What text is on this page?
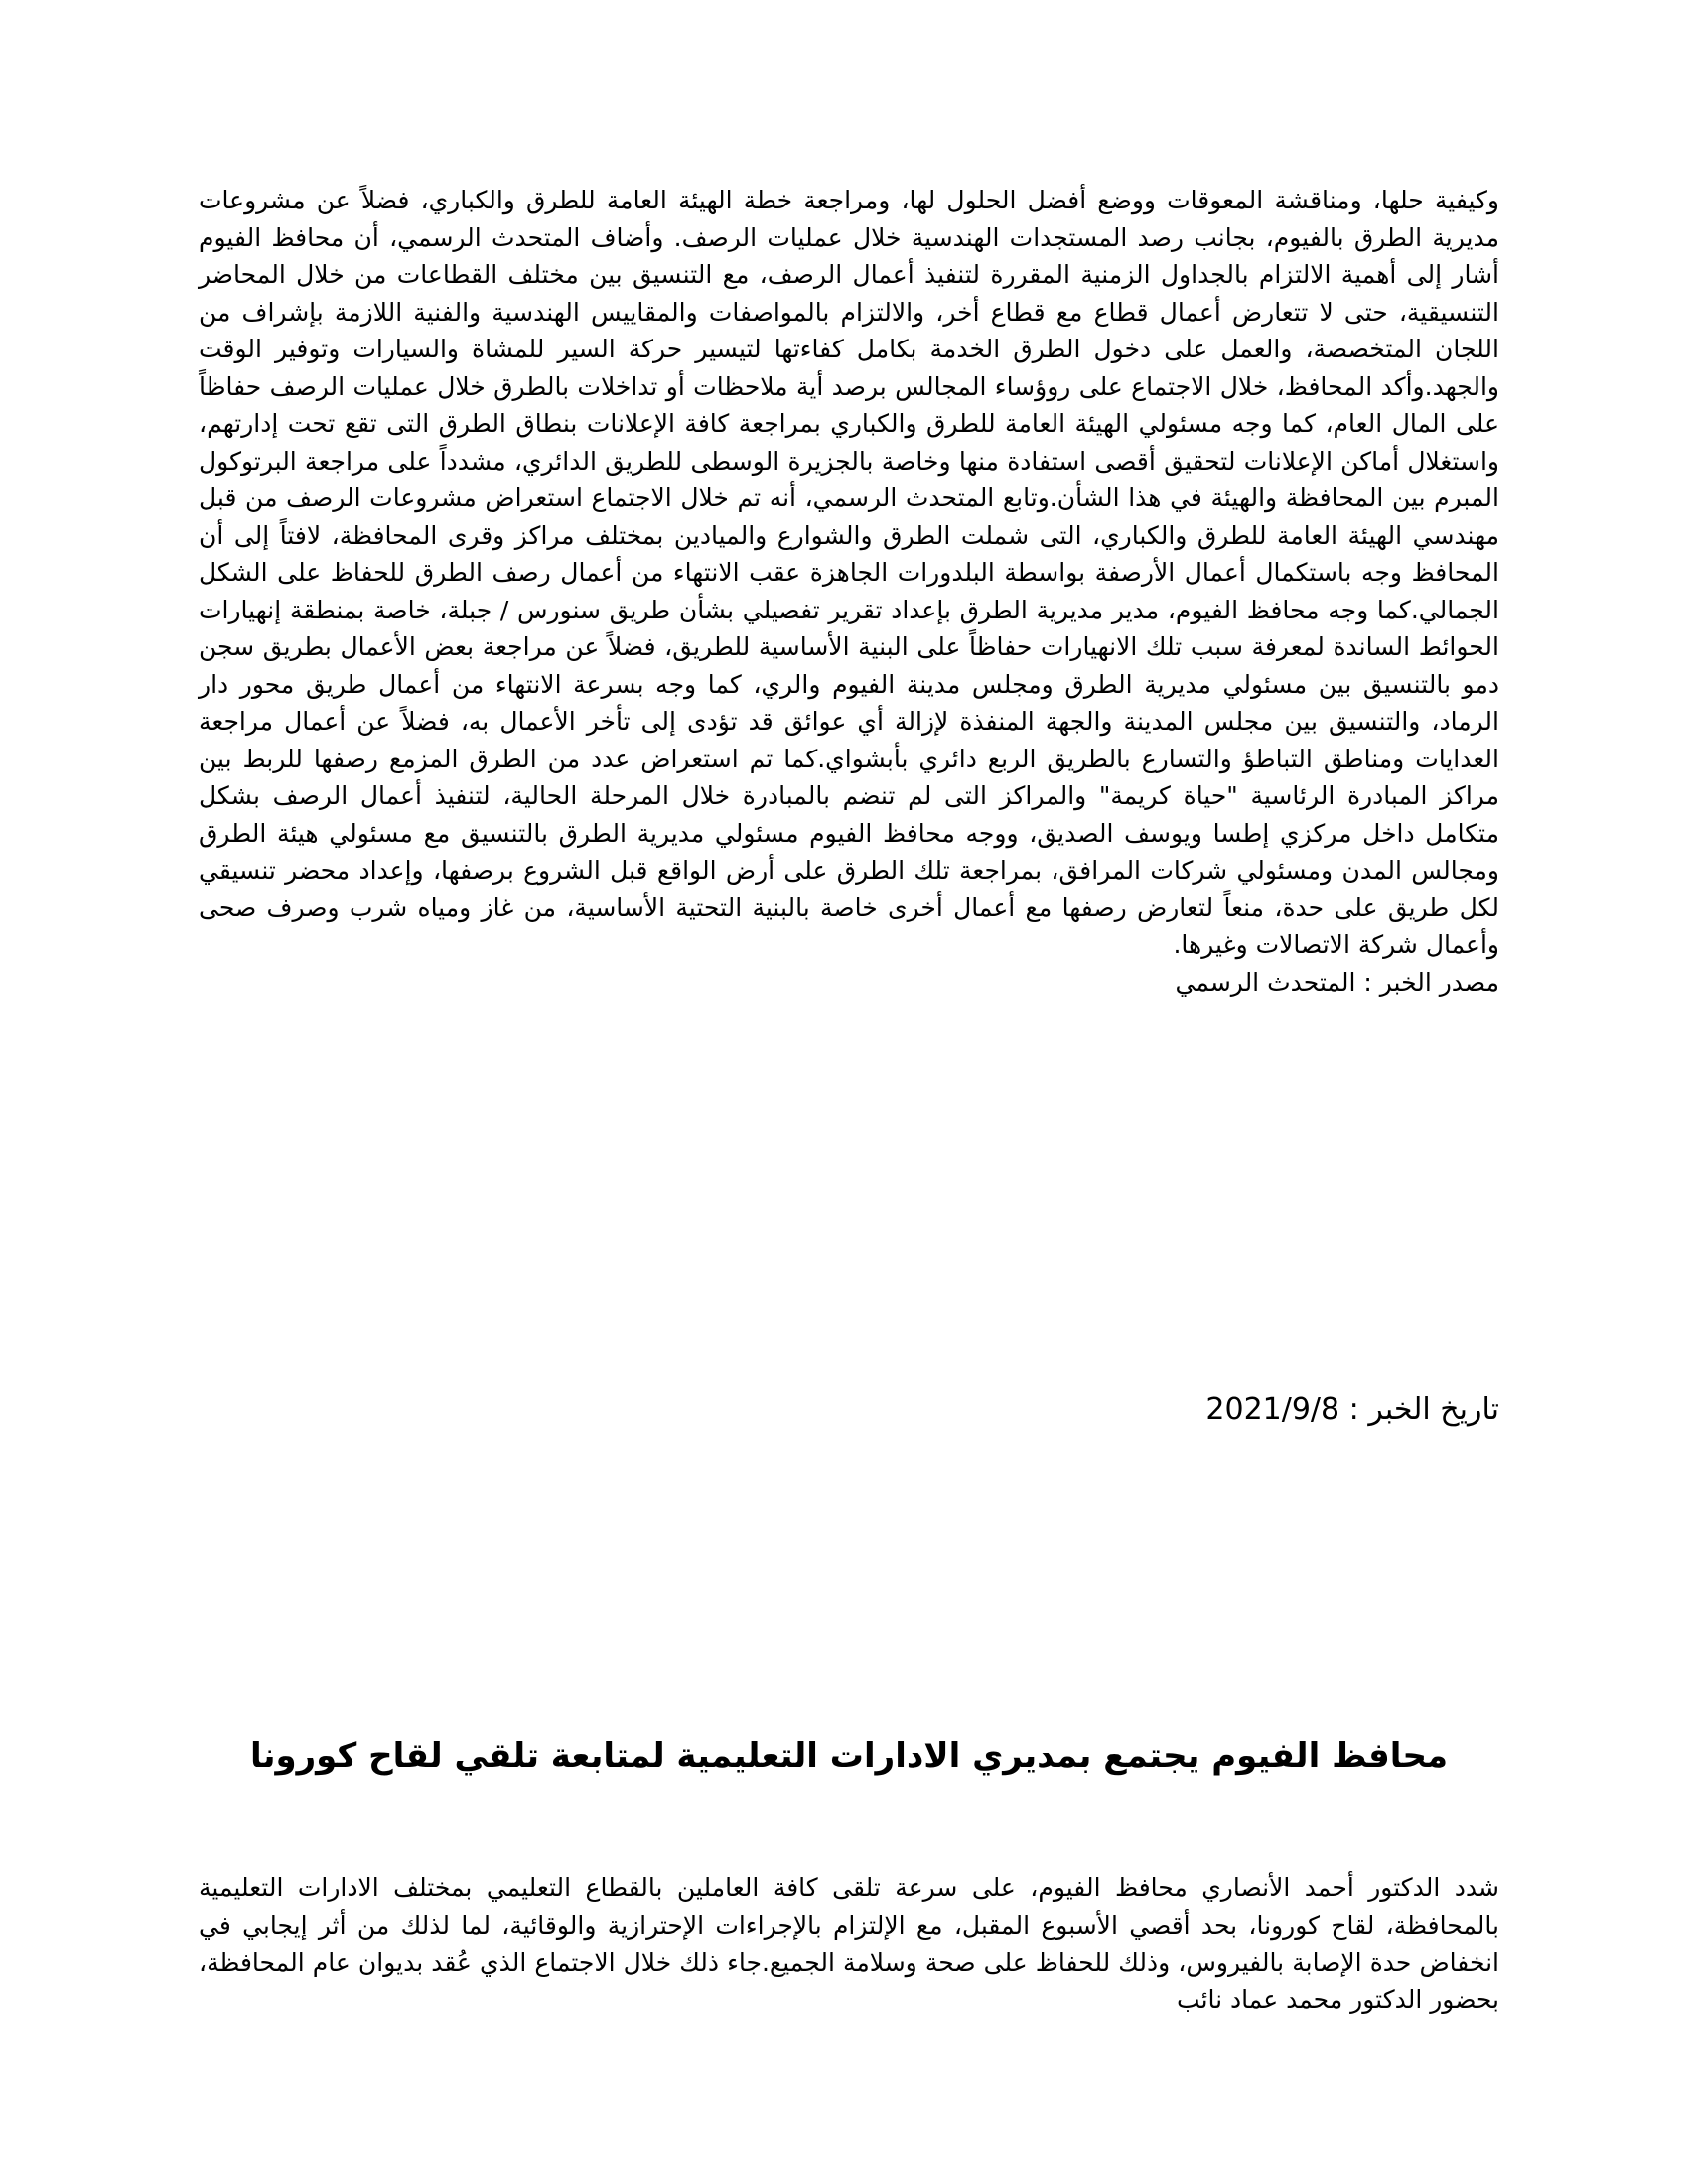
وكيفية حلها، ومناقشة المعوقات ووضع أفضل الحلول لها، ومراجعة خطة الهيئة العامة للطرق والكباري، فضلاً عن مشروعات مديرية الطرق بالفيوم، بجانب رصد المستجدات الهندسية خلال عمليات الرصف. وأضاف المتحدث الرسمي، أن محافظ الفيوم أشار إلى أهمية الالتزام بالجداول الزمنية المقررة لتنفيذ أعمال الرصف، مع التنسيق بين مختلف القطاعات من خلال المحاضر التنسيقية، حتى لا تتعارض أعمال قطاع مع قطاع أخر، والالتزام بالمواصفات والمقاييس الهندسية والفنية اللازمة بإشراف من اللجان المتخصصة، والعمل على دخول الطرق الخدمة بكامل كفاءتها لتيسير حركة السير للمشاة والسيارات وتوفير الوقت والجهد.وأكد المحافظ، خلال الاجتماع على روؤساء المجالس برصد أية ملاحظات أو تداخلات بالطرق خلال عمليات الرصف حفاظاً على المال العام، كما وجه مسئولي الهيئة العامة للطرق والكباري بمراجعة كافة الإعلانات بنطاق الطرق التى تقع تحت إدارتهم، واستغلال أماكن الإعلانات لتحقيق أقصى استفادة منها وخاصة بالجزيرة الوسطى للطريق الدائري، مشدداً على مراجعة البرتوكول المبرم بين المحافظة والهيئة في هذا الشأن.وتابع المتحدث الرسمي، أنه تم خلال الاجتماع استعراض مشروعات الرصف من قبل مهندسي الهيئة العامة للطرق والكباري، التى شملت الطرق والشوارع والميادين بمختلف مراكز وقرى المحافظة، لافتاً إلى أن المحافظ وجه باستكمال أعمال الأرصفة بواسطة البلدورات الجاهزة عقب الانتهاء من أعمال رصف الطرق للحفاظ على الشكل الجمالي.كما وجه محافظ الفيوم، مدير مديرية الطرق بإعداد تقرير تفصيلي بشأن طريق سنورس / جبلة، خاصة بمنطقة إنهيارات الحوائط الساندة لمعرفة سبب تلك الانهيارات حفاظاً على البنية الأساسية للطريق، فضلاً عن مراجعة بعض الأعمال بطريق سجن دمو بالتنسيق بين مسئولي مديرية الطرق ومجلس مدينة الفيوم والري، كما وجه بسرعة الانتهاء من أعمال طريق محور دار الرماد، والتنسيق بين مجلس المدينة والجهة المنفذة لإزالة أي عوائق قد تؤدى إلى تأخر الأعمال به، فضلاً عن أعمال مراجعة العدايات ومناطق التباطؤ والتسارع بالطريق الربع دائري بأبشواي.كما تم استعراض عدد من الطرق المزمع رصفها للربط بين مراكز المبادرة الرئاسية "حياة كريمة" والمراكز التى لم تنضم بالمبادرة خلال المرحلة الحالية، لتنفيذ أعمال الرصف بشكل متكامل داخل مركزي إطسا ويوسف الصديق، ووجه محافظ الفيوم مسئولي مديرية الطرق بالتنسيق مع مسئولي هيئة الطرق ومجالس المدن ومسئولي شركات المرافق، بمراجعة تلك الطرق على أرض الواقع قبل الشروع برصفها، وإعداد محضر تنسيقي لكل طريق على حدة، منعاً لتعارض رصفها مع أعمال أخرى خاصة بالبنية التحتية الأساسية، من غاز ومياه شرب وصرف صحى وأعمال شركة الاتصالات وغيرها.

مصدر الخبر : المتحدث الرسمي
تاريخ الخبر : 2021/9/8
محافظ الفيوم يجتمع بمديري الادارات التعليمية لمتابعة تلقي لقاح كورونا

شدد الدكتور أحمد الأنصاري محافظ الفيوم، على سرعة تلقى كافة العاملين بالقطاع التعليمي بمختلف الادارات التعليمية بالمحافظة، لقاح كورونا، بحد أقصي الأسبوع المقبل، مع الإلتزام بالإجراءات الإحترازية والوقائية، لما لذلك من أثر إيجابي في انخفاض حدة الإصابة بالفيروس، وذلك للحفاظ على صحة وسلامة الجميع.جاء ذلك خلال الاجتماع الذي عُقد بديوان عام المحافظة، بحضور الدكتور محمد عماد نائب
